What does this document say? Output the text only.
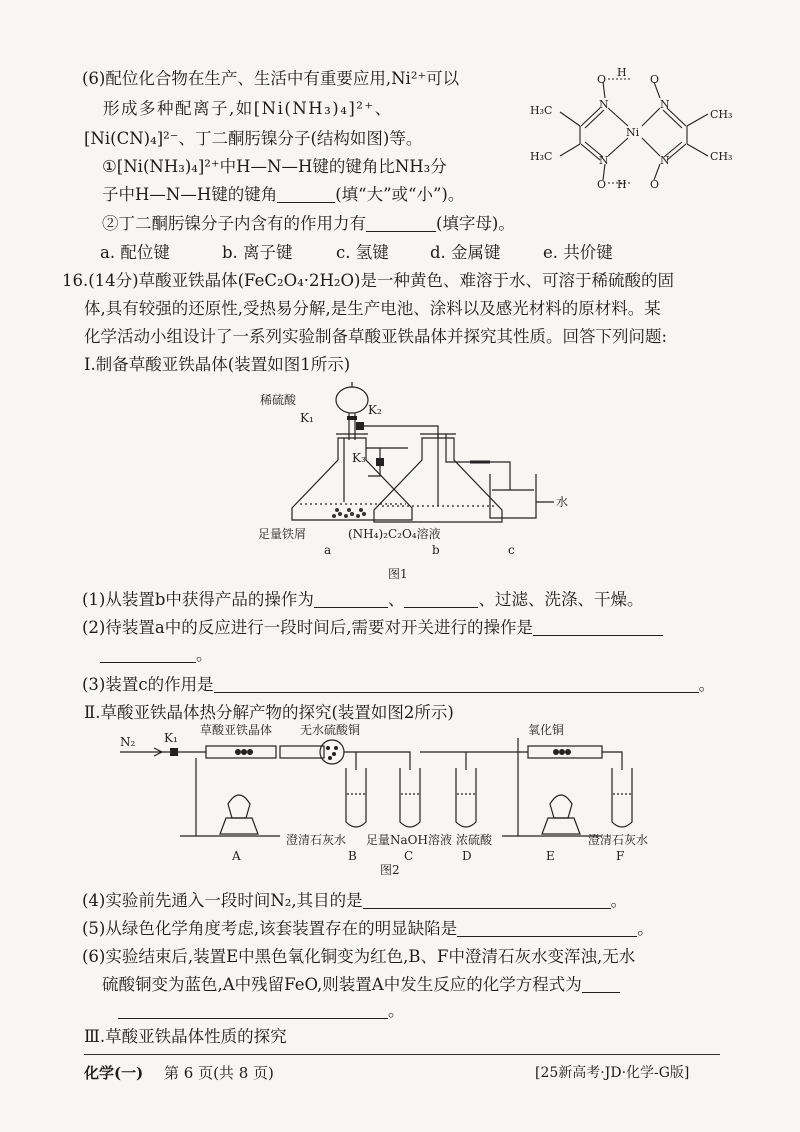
(6)配位化合物在生产、生活中有重要应用,Ni²⁺可以
形成多种配离子,如[Ni(NH₃)₄]²⁺、
[Ni(CN)₄]²⁻、丁二酮肟镍分子(结构如图)等。
①[Ni(NH₃)₄]²⁺中H—N—H键的键角比NH₃分
子中H—N—H键的键角	(填“大”或“小”)。
②丁二酮肟镍分子内含有的作用力有	(填字母)。
a. 配位键	b. 离子键	c. 氢键	d. 金属键	e. 共价键
O
H
O
N	N
Ni
N	N
O H O
H₃C
H₃C
CH₃
CH₃
16.(14分)草酸亚铁晶体(FeC₂O₄·2H₂O)是一种黄色、难溶于水、可溶于稀硫酸的固
体,具有较强的还原性,受热易分解,是生产电池、涂料以及感光材料的原材料。某
化学活动小组设计了一系列实验制备草酸亚铁晶体并探究其性质。回答下列问题:
Ⅰ.制备草酸亚铁晶体(装置如图1所示)
稀硫酸
K₁
K₂
K₃
足量铁屑	(NH₄)₂C₂O₄溶液
水
a	b	c
图1
(1)从装置b中获得产品的操作为	、	、过滤、洗涤、干燥。
(2)待装置a中的反应进行一段时间后,需要对开关进行的操作是
。
(3)装置c的作用是	。
Ⅱ.草酸亚铁晶体热分解产物的探究(装置如图2所示)
N₂ K₁
草酸亚铁晶体 无水硫酸铜	氧化铜
澄清石灰水 足量NaOH溶液 浓硫酸	澄清石灰水
A	B	C	D	E	F
图2
(4)实验前先通入一段时间N₂,其目的是	。
(5)从绿色化学角度考虑,该套装置存在的明显缺陷是	。
(6)实验结束后,装置E中黑色氧化铜变为红色,B、F中澄清石灰水变浑浊,无水
硫酸铜变为蓝色,A中残留FeO,则装置A中发生反应的化学方程式为
。
Ⅲ.草酸亚铁晶体性质的探究
化学(一) 第 6 页(共 8 页)	[25新高考·JD·化学-G版]
